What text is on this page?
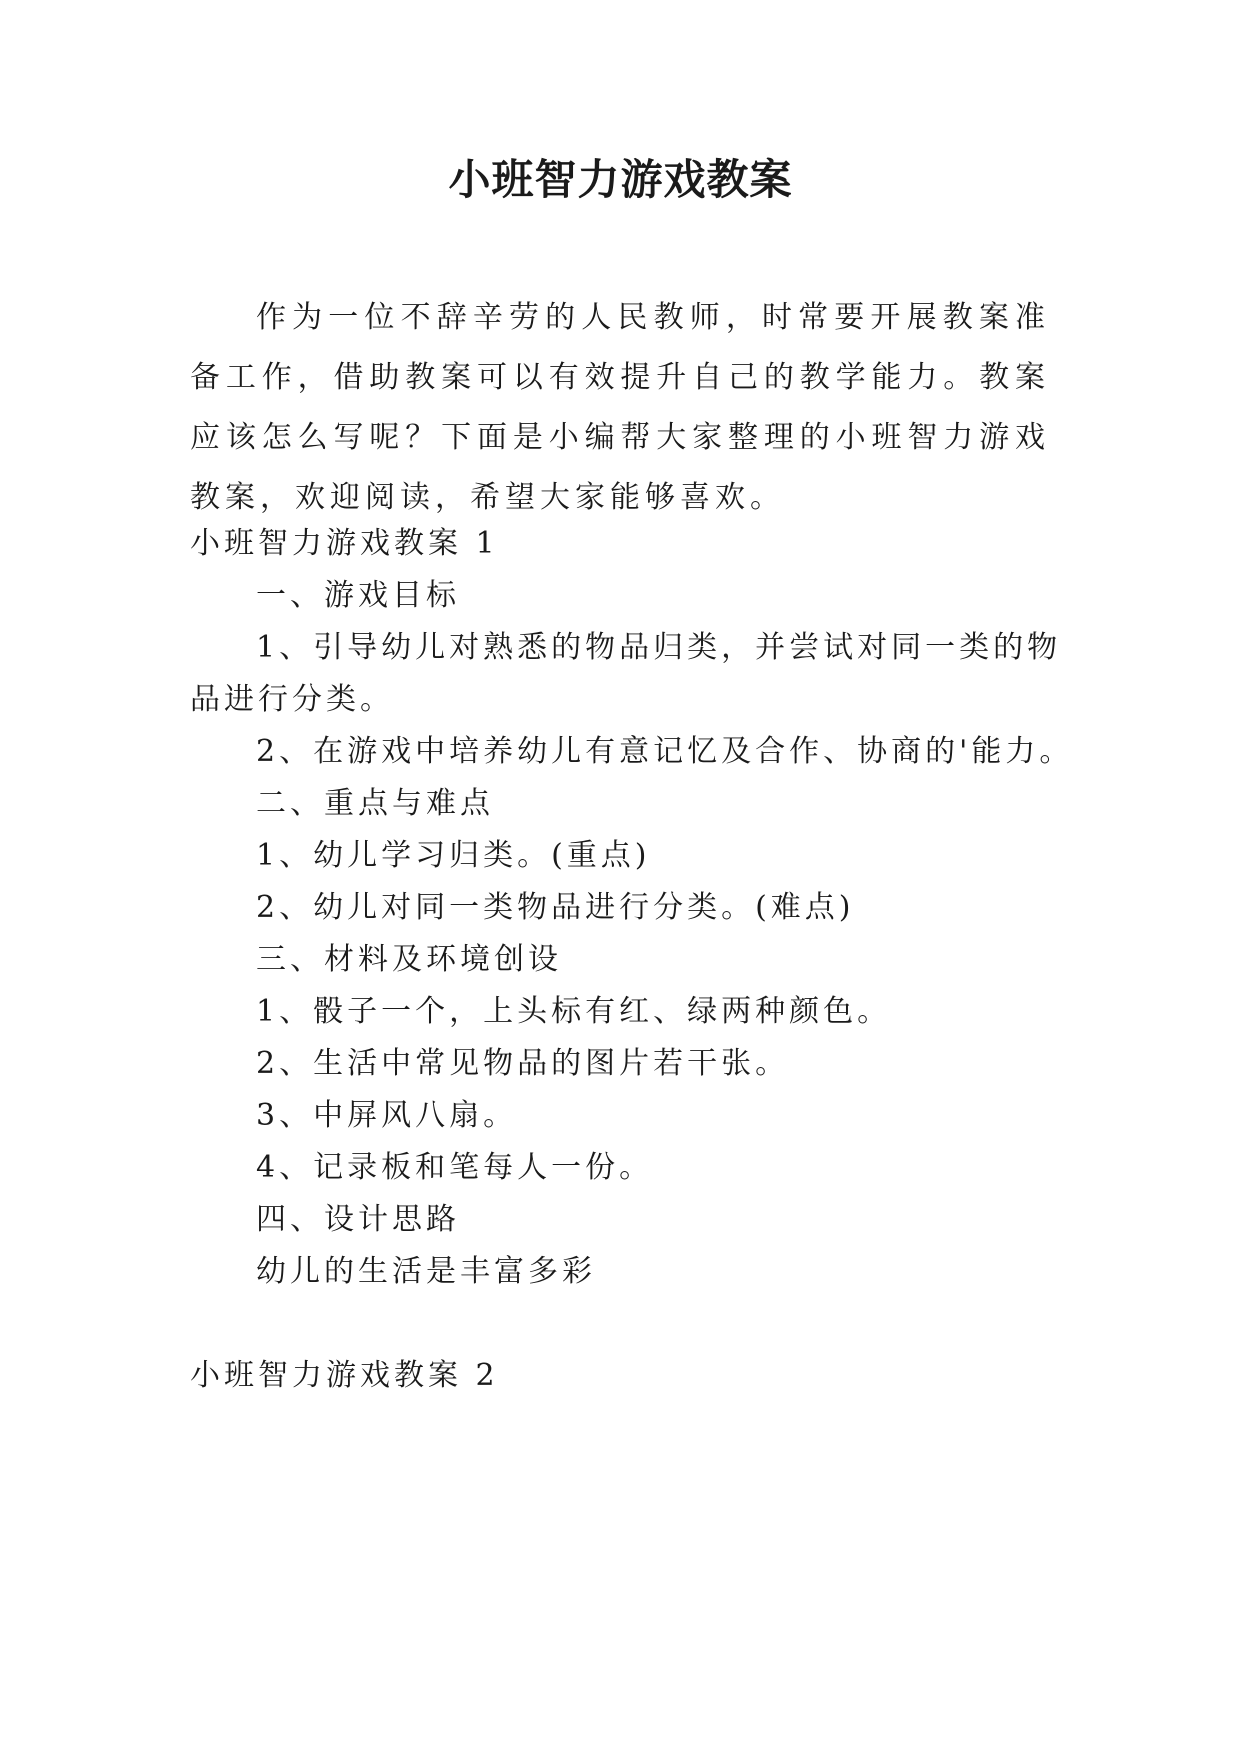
小班智力游戏教案

作为一位不辞辛劳的人民教师，时常要开展教案准备工作，借助教案可以有效提升自己的教学能力。教案应该怎么写呢？下面是小编帮大家整理的小班智力游戏教案，欢迎阅读，希望大家能够喜欢。

小班智力游戏教案 1
一、游戏目标
1、引导幼儿对熟悉的物品归类，并尝试对同一类的物
品进行分类。
2、在游戏中培养幼儿有意记忆及合作、协商的'能力。
二、重点与难点
1、幼儿学习归类。(重点)
2、幼儿对同一类物品进行分类。(难点)
三、材料及环境创设
1、骰子一个，上头标有红、绿两种颜色。
2、生活中常见物品的图片若干张。
3、中屏风八扇。
4、记录板和笔每人一份。
四、设计思路
幼儿的生活是丰富多彩
小班智力游戏教案 2
